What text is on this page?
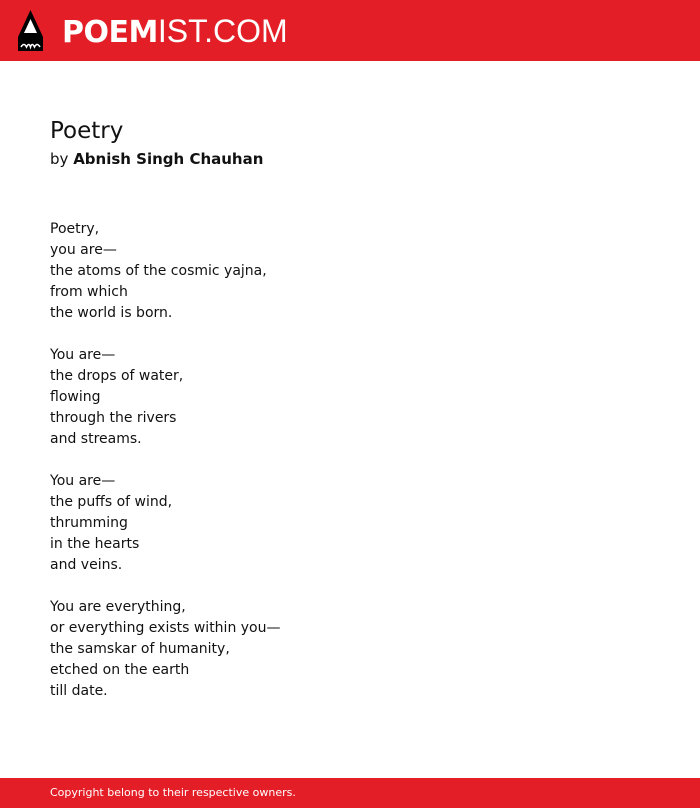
POEMIST.COM
Poetry
by Abnish Singh Chauhan
Poetry,
you are—
the atoms of the cosmic yajna,
from which
the world is born.
You are—
the drops of water,
flowing
through the rivers
and streams.
You are—
the puffs of wind,
thrumming
in the hearts
and veins.
You are everything,
or everything exists within you—
the samskar of humanity,
etched on the earth
till date.
Copyright belong to their respective owners.
